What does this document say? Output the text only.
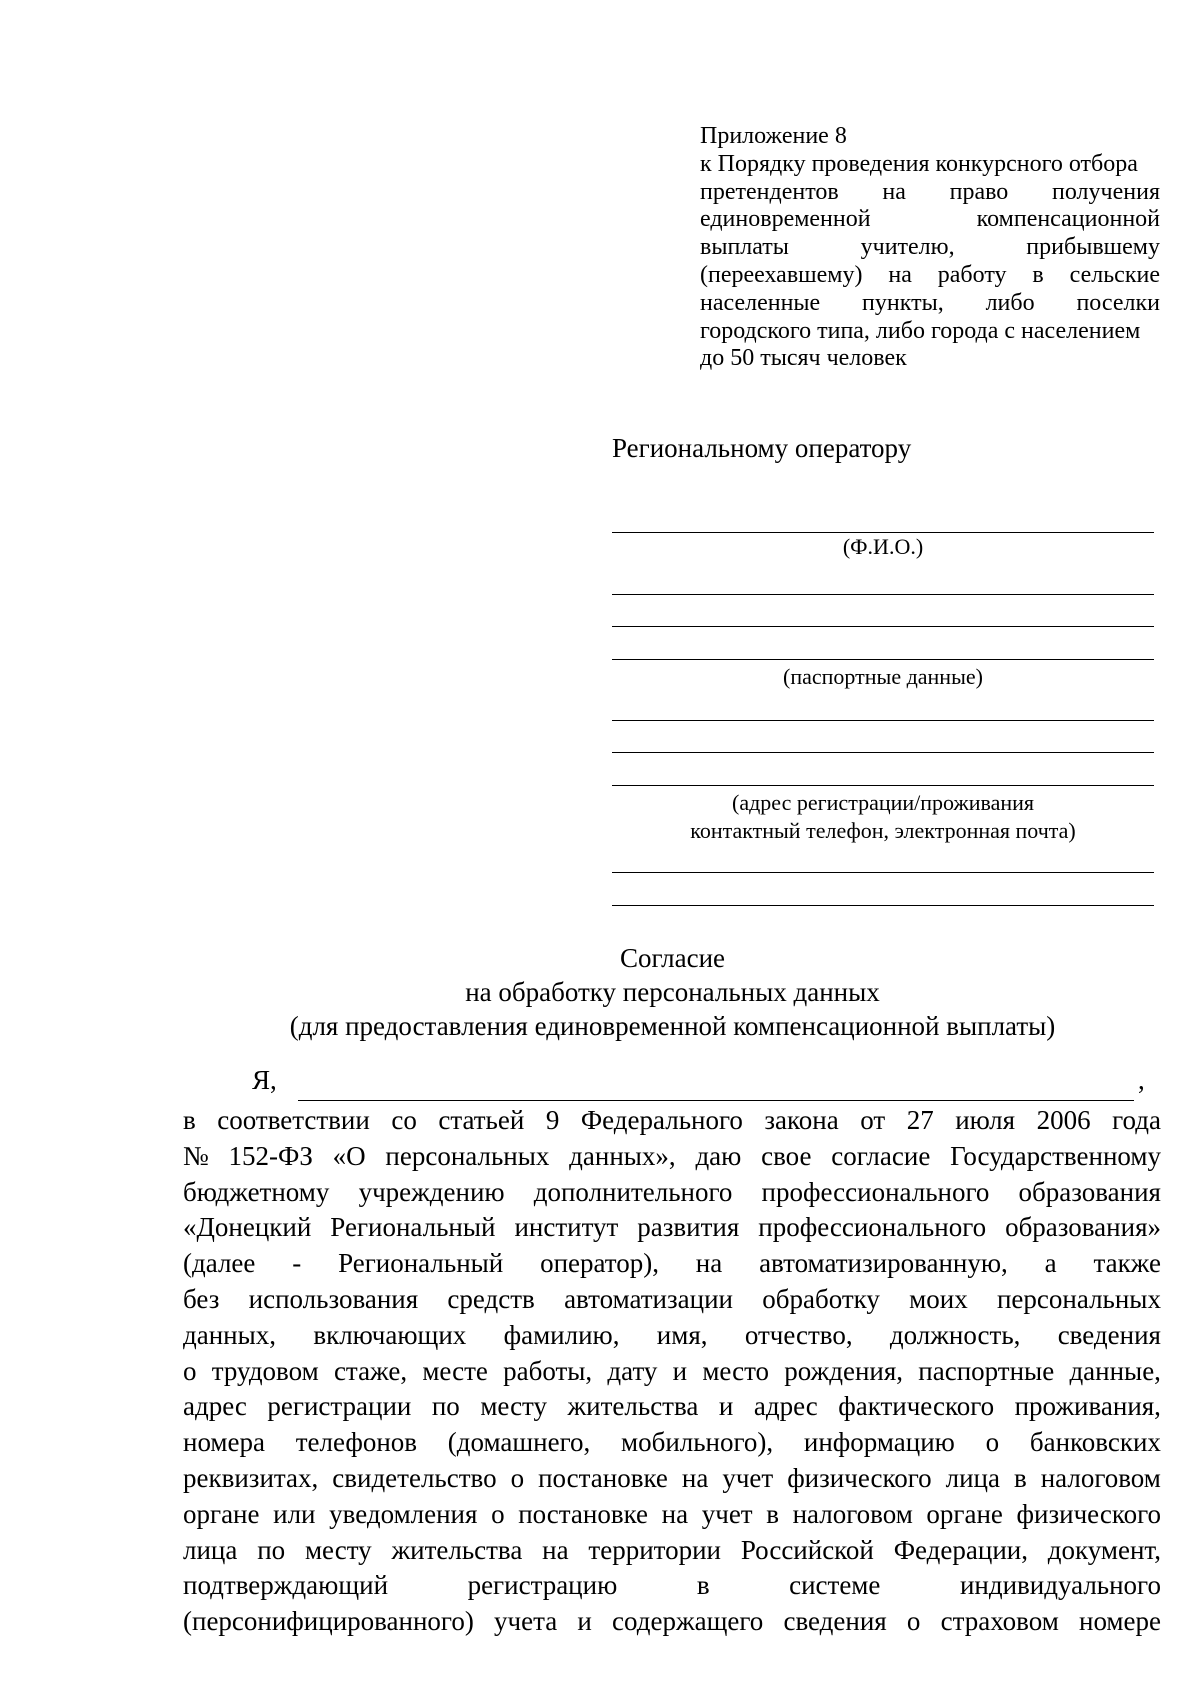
Приложение 8
к Порядку проведения конкурсного отбора
претендентов на право получения
единовременной	компенсационной
выплаты	учителю,	прибывшему
(переехавшему) на работу в сельские
населенные пункты, либо поселки
городского типа, либо города с населением
до 50 тысяч человек
Региональному оператору
(Ф.И.О.)
(паспортные данные)
(адрес регистрации/проживания
контактный телефон, электронная почта)
Согласие
на обработку персональных данных
(для предоставления единовременной компенсационной выплаты)
Я,	,
в соответствии со статьей 9 Федерального закона от 27 июля 2006 года
№ 152-ФЗ «О персональных данных», даю свое согласие Государственному
бюджетному учреждению дополнительного профессионального образования
«Донецкий Региональный институт развития профессионального образования»
(далее - Региональный оператор), на автоматизированную, а также
без использования средств автоматизации обработку моих персональных
данных, включающих фамилию, имя, отчество, должность, сведения
о трудовом стаже, месте работы, дату и место рождения, паспортные данные,
адрес регистрации по месту жительства и адрес фактического проживания,
номера телефонов (домашнего, мобильного), информацию о банковских
реквизитах, свидетельство о постановке на учет физического лица в налоговом
органе или уведомления о постановке на учет в налоговом органе физического
лица по месту жительства на территории Российской Федерации, документ,
подтверждающий	регистрацию	в	системе	индивидуального
(персонифицированного) учета и содержащего сведения о страховом номере
